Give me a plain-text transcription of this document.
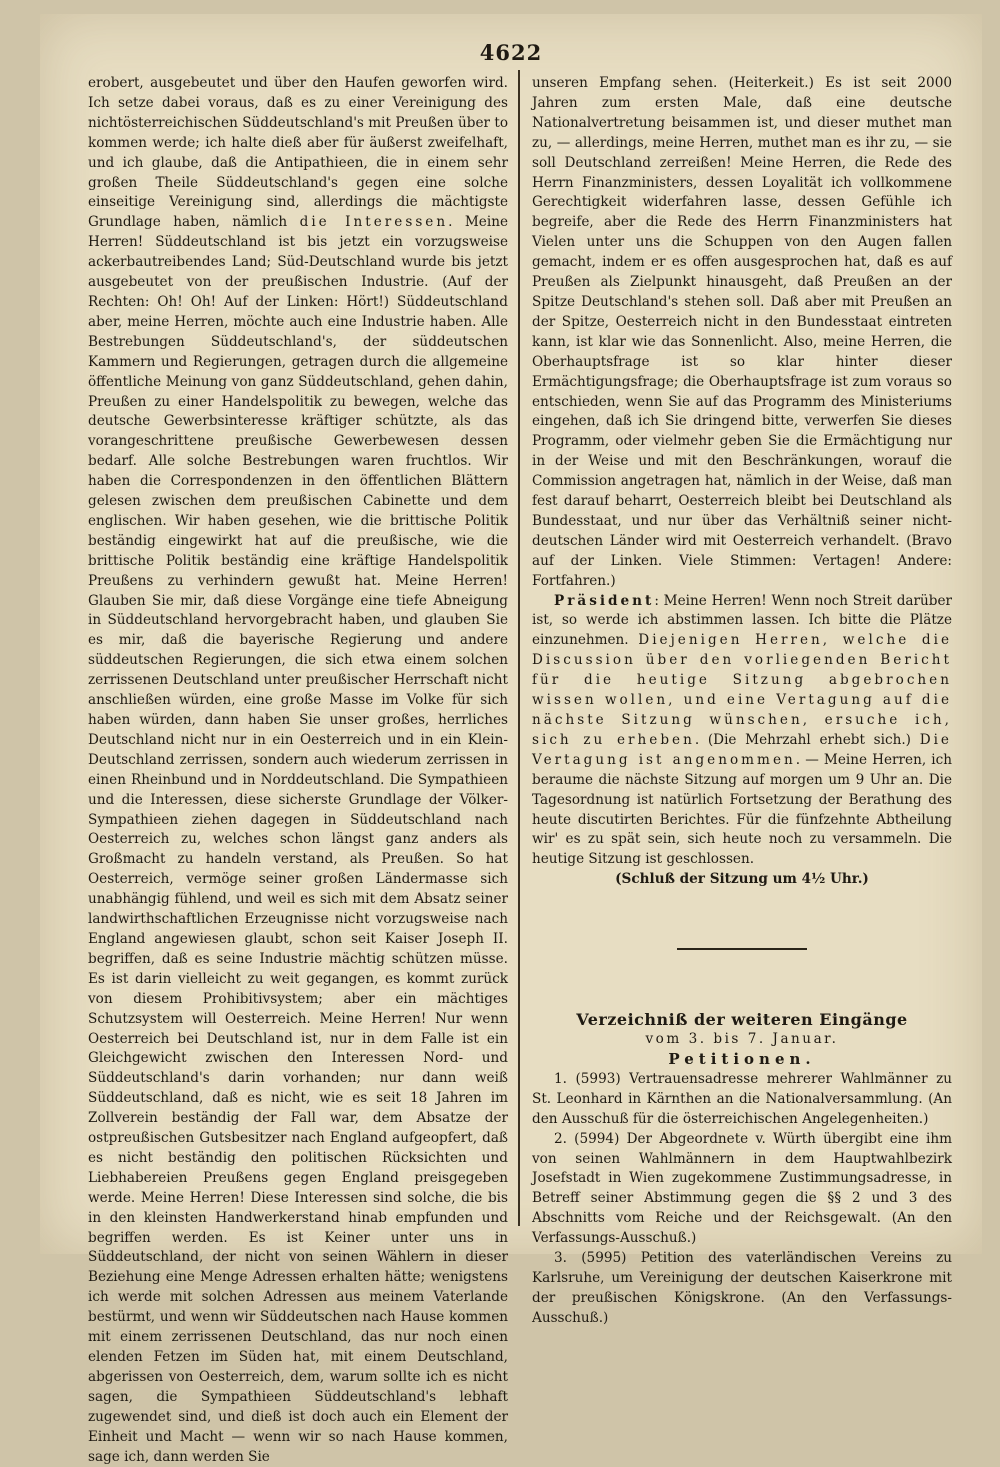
4622

erobert, ausgebeutet und über den Haufen geworfen wird. Ich setze dabei voraus, daß es zu einer Vereinigung des nichtösterreichischen Süddeutschland's mit Preußen über to kommen werde; ich halte dieß aber für äußerst zweifelhaft, und ich glaube, daß die Antipathieen, die in einem sehr großen Theile Süddeutschland's gegen eine solche einseitige Vereinigung sind, allerdings die mächtigste Grundlage haben, nämlich die Interessen. Meine Herren! Süddeutschland ist bis jetzt ein vorzugsweise ackerbautreibendes Land; Süd-Deutschland wurde bis jetzt ausgebeutet von der preußischen Industrie. (Auf der Rechten: Oh! Oh! Auf der Linken: Hört!) Süddeutschland aber, meine Herren, möchte auch eine Industrie haben. Alle Bestrebungen Süddeutschland's, der süddeutschen Kammern und Regierungen, getragen durch die allgemeine öffentliche Meinung von ganz Süddeutschland, gehen dahin, Preußen zu einer Handelspolitik zu bewegen, welche das deutsche Gewerbsinteresse kräftiger schützte, als das vorangeschrittene preußische Gewerbewesen dessen bedarf. Alle solche Bestrebungen waren fruchtlos. Wir haben die Correspondenzen in den öffentlichen Blättern gelesen zwischen dem preußischen Cabinette und dem englischen. Wir haben gesehen, wie die brittische Politik beständig eingewirkt hat auf die preußische, wie die brittische Politik beständig eine kräftige Handelspolitik Preußens zu verhindern gewußt hat. Meine Herren! Glauben Sie mir, daß diese Vorgänge eine tiefe Abneigung in Süddeutschland hervorgebracht haben, und glauben Sie es mir, daß die bayerische Regierung und andere süddeutschen Regierungen, die sich etwa einem solchen zerrissenen Deutschland unter preußischer Herrschaft nicht anschließen würden, eine große Masse im Volke für sich haben würden, dann haben Sie unser großes, herrliches Deutschland nicht nur in ein Oesterreich und in ein Klein-Deutschland zerrissen, sondern auch wiederum zerrissen in einen Rheinbund und in Norddeutschland. Die Sympathieen und die Interessen, diese sicherste Grundlage der Völker-Sympathieen ziehen dagegen in Süddeutschland nach Oesterreich zu, welches schon längst ganz anders als Großmacht zu handeln verstand, als Preußen. So hat Oesterreich, vermöge seiner großen Ländermasse sich unabhängig fühlend, und weil es sich mit dem Absatz seiner landwirthschaftlichen Erzeugnisse nicht vorzugsweise nach England angewiesen glaubt, schon seit Kaiser Joseph II. begriffen, daß es seine Industrie mächtig schützen müsse. Es ist darin vielleicht zu weit gegangen, es kommt zurück von diesem Prohibitivsystem; aber ein mächtiges Schutzsystem will Oesterreich. Meine Herren! Nur wenn Oesterreich bei Deutschland ist, nur in dem Falle ist ein Gleichgewicht zwischen den Interessen Nord- und Süddeutschland's darin vorhanden; nur dann weiß Süddeutschland, daß es nicht, wie es seit 18 Jahren im Zollverein beständig der Fall war, dem Absatze der ostpreußischen Gutsbesitzer nach England aufgeopfert, daß es nicht beständig den politischen Rücksichten und Liebhabereien Preußens gegen England preisgegeben werde. Meine Herren! Diese Interessen sind solche, die bis in den kleinsten Handwerkerstand hinab empfunden und begriffen werden. Es ist Keiner unter uns in Süddeutschland, der nicht von seinen Wählern in dieser Beziehung eine Menge Adressen erhalten hätte; wenigstens ich werde mit solchen Adressen aus meinem Vaterlande bestürmt, und wenn wir Süddeutschen nach Hause kommen mit einem zerrissenen Deutschland, das nur noch einen elenden Fetzen im Süden hat, mit einem Deutschland, abgerissen von Oesterreich, dem, warum sollte ich es nicht sagen, die Sympathieen Süddeutschland's lebhaft zugewendet sind, und dieß ist doch auch ein Element der Einheit und Macht — wenn wir so nach Hause kommen, sage ich, dann werden Sie

unseren Empfang sehen. (Heiterkeit.) Es ist seit 2000 Jahren zum ersten Male, daß eine deutsche Nationalvertretung beisammen ist, und dieser muthet man zu, — allerdings, meine Herren, muthet man es ihr zu, — sie soll Deutschland zerreißen! Meine Herren, die Rede des Herrn Finanzministers, dessen Loyalität ich vollkommene Gerechtigkeit widerfahren lasse, dessen Gefühle ich begreife, aber die Rede des Herrn Finanzministers hat Vielen unter uns die Schuppen von den Augen fallen gemacht, indem er es offen ausgesprochen hat, daß es auf Preußen als Zielpunkt hinausgeht, daß Preußen an der Spitze Deutschland's stehen soll. Daß aber mit Preußen an der Spitze, Oesterreich nicht in den Bundesstaat eintreten kann, ist klar wie das Sonnenlicht. Also, meine Herren, die Oberhauptsfrage ist so klar hinter dieser Ermächtigungsfrage; die Oberhauptsfrage ist zum voraus so entschieden, wenn Sie auf das Programm des Ministeriums eingehen, daß ich Sie dringend bitte, verwerfen Sie dieses Programm, oder vielmehr geben Sie die Ermächtigung nur in der Weise und mit den Beschränkungen, worauf die Commission angetragen hat, nämlich in der Weise, daß man fest darauf beharrt, Oesterreich bleibt bei Deutschland als Bundesstaat, und nur über das Verhältniß seiner nicht-deutschen Länder wird mit Oesterreich verhandelt. (Bravo auf der Linken. Viele Stimmen: Vertagen! Andere: Fortfahren.)

Präsident: Meine Herren! Wenn noch Streit darüber ist, so werde ich abstimmen lassen. Ich bitte die Plätze einzunehmen. Diejenigen Herren, welche die Discussion über den vorliegenden Bericht für die heutige Sitzung abgebrochen wissen wollen, und eine Vertagung auf die nächste Sitzung wünschen, ersuche ich, sich zu erheben. (Die Mehrzahl erhebt sich.) Die Vertagung ist angenommen. — Meine Herren, ich beraume die nächste Sitzung auf morgen um 9 Uhr an. Die Tagesordnung ist natürlich Fortsetzung der Berathung des heute discutirten Berichtes. Für die fünfzehnte Abtheilung wir' es zu spät sein, sich heute noch zu versammeln. Die heutige Sitzung ist geschlossen.

(Schluß der Sitzung um 4½ Uhr.)

Verzeichniß der weiteren Eingänge

vom 3. bis 7. Januar.

Petitionen.

1. (5993) Vertrauensadresse mehrerer Wahlmänner zu St. Leonhard in Kärnthen an die Nationalversammlung. (An den Ausschuß für die österreichischen Angelegenheiten.)

2. (5994) Der Abgeordnete v. Würth übergibt eine ihm von seinen Wahlmännern in dem Hauptwahlbezirk Josefstadt in Wien zugekommene Zustimmungsadresse, in Betreff seiner Abstimmung gegen die §§ 2 und 3 des Abschnitts vom Reiche und der Reichsgewalt. (An den Verfassungs-Ausschuß.)

3. (5995) Petition des vaterländischen Vereins zu Karlsruhe, um Vereinigung der deutschen Kaiserkrone mit der preußischen Königskrone. (An den Verfassungs-Ausschuß.)
